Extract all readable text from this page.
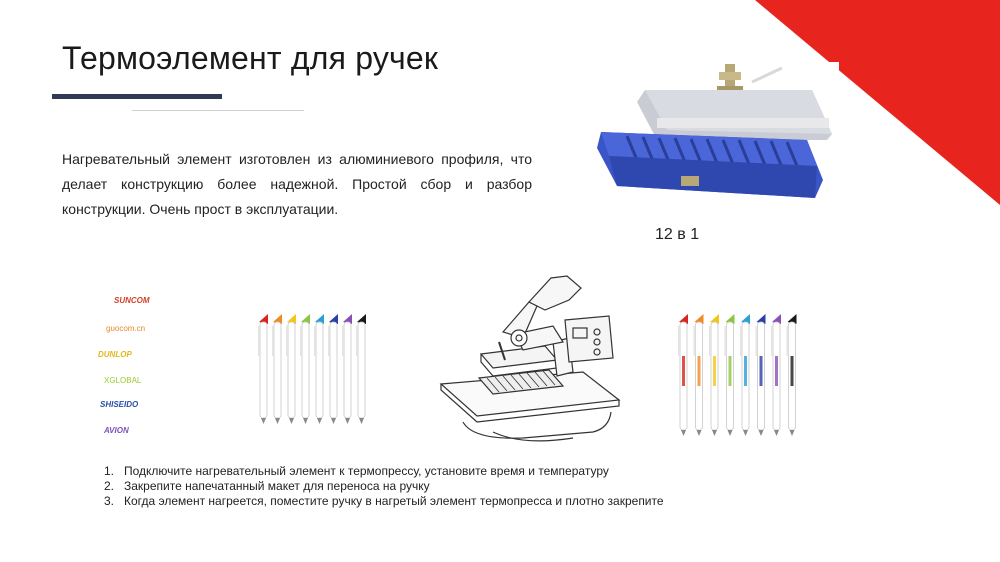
Термоэлемент для ручек
Нагревательный элемент изготовлен из алюминиевого профиля, что делает конструкцию более надежной. Простой сбор и разбор конструкции. Очень прост в эксплуатации.
12 в 1
SUNCOM
guocom.cn
DUNLOP
XGLOBAL
SHISEIDO
AVION
1. Подключите нагревательный элемент к термопрессу, установите время и температуру
2. Закрепите напечатанный макет для переноса на ручку
3. Когда элемент нагреется, поместите ручку в нагретый элемент термопресса и плотно закрепите
